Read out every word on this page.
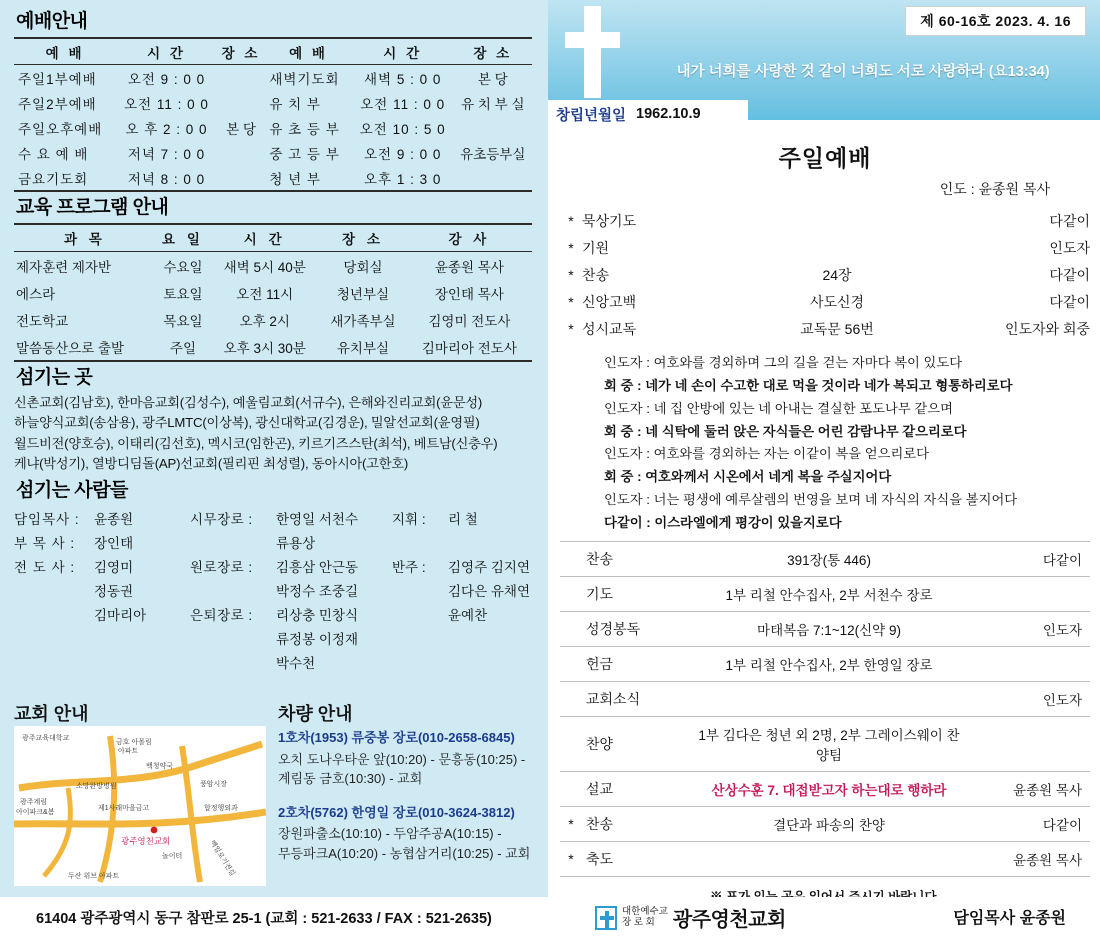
예배안내
예 배	시 간	장 소	예 배	시 간	장 소
주일1부예배	오전 9 : 0 0		새벽기도회	새벽 5 : 0 0	본 당
주일2부예배	오전 11 : 0 0		유 치 부	오전 11 : 0 0	유 치 부 실
주일오후예배	오 후 2 : 0 0	본 당	유 초 등 부	오전 10 : 5 0	
수 요 예 배	저녁 7 : 0 0		중 고 등 부	오전 9 : 0 0	유초등부실
금요기도회	저녁 8 : 0 0		청 년 부	오후 1 : 3 0	
교육 프로그램 안내
과 목	요 일	시 간	장 소	강 사
제자훈련 제자반	수요일	새벽 5시 40분	당회실	윤종원 목사
에스라	토요일	오전 11시	청년부실	장인태 목사
전도학교	목요일	오후 2시	새가족부실	김영미 전도사
말씀동산으로 출발	주일	오후 3시 30분	유치부실	김마리아 전도사
섬기는 곳
신촌교회(김남호), 한마음교회(김성수), 예울림교회(서규수), 은해와진리교회(윤문성)
하늘양식교회(송삼용), 광주LMTC(이상복), 광신대학교(김경운), 밀알선교회(윤영필)
월드비전(양호승), 이태리(김선호), 멕시코(임한곤), 키르기즈스탄(최석), 베트남(신충우)
케냐(박성기), 열방디딤돌(AP)선교회(필리핀 최성렬), 동아시아(고한호)
섬기는 사람들
담임목사 :	윤종원	시무장로 :	한영일 서천수	지휘 :	리 철
부 목 사 :	장인태		류용상		
전 도 사 :	김영미	원로장로 :	김흥삼 안근동	반주 :	김영주 김지연
	정동권		박정수 조중길		김다은 유채연
	김마리아	은퇴장로 :	리상충 민창식		윤예찬
			류정봉 이정재		
			박수천		
교회 안내	차량 안내
광주영천교회
광주교육대학교
금호 아몰림
아파트
백청약국
소망완방병원	풍암시장
광주계림
아이파크&봄
제1사래마을금고	합정행외과
놀이터	백일로기전길
두산 위브 아파트
1호차(1953) 류중봉 장로(010-2658-6845)
오치 도나우타운 앞(10:20) - 문흥동(10:25) -
계림동 금호(10:30) - 교회
2호차(5762) 한영일 장로(010-3624-3812)
장원파출소(10:10) - 두암주공A(10:15) -
무등파크A(10:20) - 농협삼거리(10:25) - 교회
제 60-16호 2023. 4. 16
내가 너희를 사랑한 것 같이 너희도 서로 사랑하라 (요13:34)
창립년월일 1962.10.9
주일예배
인도 : 윤종원 목사
*	묵상기도		다같이
*	기원		인도자
*	찬송	24장	다같이
*	신앙고백	사도신경	다같이
*	성시교독	교독문 56번	인도자와 회중
인도자 : 여호와를 경외하며 그의 길을 걷는 자마다 복이 있도다
회 중 : 네가 네 손이 수고한 대로 먹을 것이라 네가 복되고 형통하리로다
인도자 : 네 집 안방에 있는 네 아내는 결실한 포도나무 같으며
회 중 : 네 식탁에 둘러 앉은 자식들은 어린 감람나무 같으리로다
인도자 : 여호와를 경외하는 자는 이같이 복을 얻으리로다
회 중 : 여호와께서 시온에서 네게 복을 주실지어다
인도자 : 너는 평생에 예루살렘의 번영을 보며 네 자식의 자식을 볼지어다
다같이 : 이스라엘에게 평강이 있을지로다
	찬송	391장(통 446)	다같이
	기도	1부 리철 안수집사, 2부 서천수 장로	
	성경봉독	마태복음 7:1~12(신약 9)	인도자
	헌금	1부 리철 안수집사, 2부 한영일 장로	
	교회소식		인도자
	찬양	1부 김다은 청년 외 2명, 2부 그레이스웨이 찬양팀	
	설교	산상수훈 7. 대접받고자 하는대로 행하라	윤종원 목사
*	찬송	결단과 파송의 찬양	다같이
*	축도		윤종원 목사
61404 광주광역시 동구 참판로 25-1 (교회 : 521-2633 / FAX : 521-2635)	대한예수교
장 로 회 광주영천교회	담임목사 윤종원
